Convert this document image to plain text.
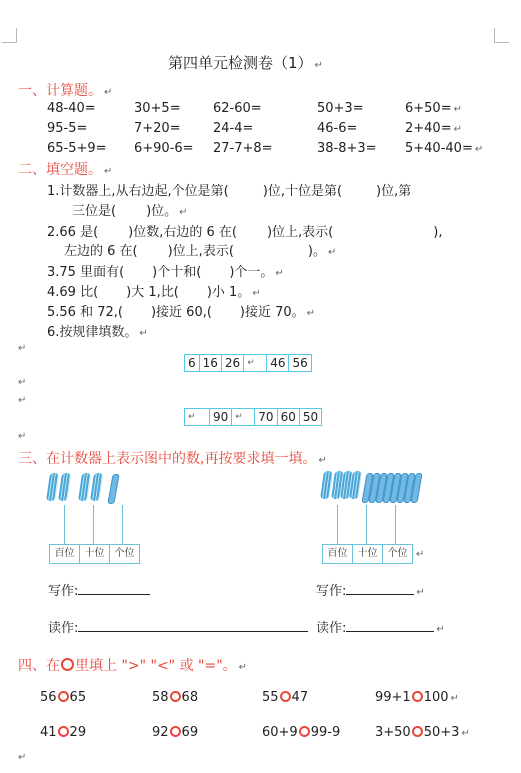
第四单元检测卷（1） ↵
一、计算题。 ↵
48-40=	30+5= 62-60=	50+3=	6+50= ↵
95-5=	7+20= 24-4=	46-6=	2+40= ↵
65-5+9= 6+90-6= 27-7+8=	38-8+3= 5+40-40= ↵
二、填空题。 ↵
1.计数器上,从右边起,个位是第(	)位,十位是第(	)位,第
三位是( )位。 ↵
2.66 是( )位数,右边的 6 在( )位上,表示(	),
左边的 6 在( )位上,表示(	)。 ↵
3.75 里面有( )个十和( )个一。 ↵
4.69 比( )大 1,比( )小 1。 ↵
5.56 和 72,( )接近 60,( )接近 70。 ↵
6.按规律填数。 ↵
↵
6 16 26 ↵	46 56
↵
↵
↵	90 ↵	70 60 50
↵
三、在计数器上表示图中的数,再按要求填一填。 ↵
百位	十位	个位	百位	十位	个位 ↵
写作:	写作:	↵
读作:	读作:	↵
四、在 里填上 ">" "<" 或 "="。 ↵
56 65	58 68	55 47	99+1 100 ↵
41 29	92 69	60+9 99-9	3+50 50+3 ↵
↵
